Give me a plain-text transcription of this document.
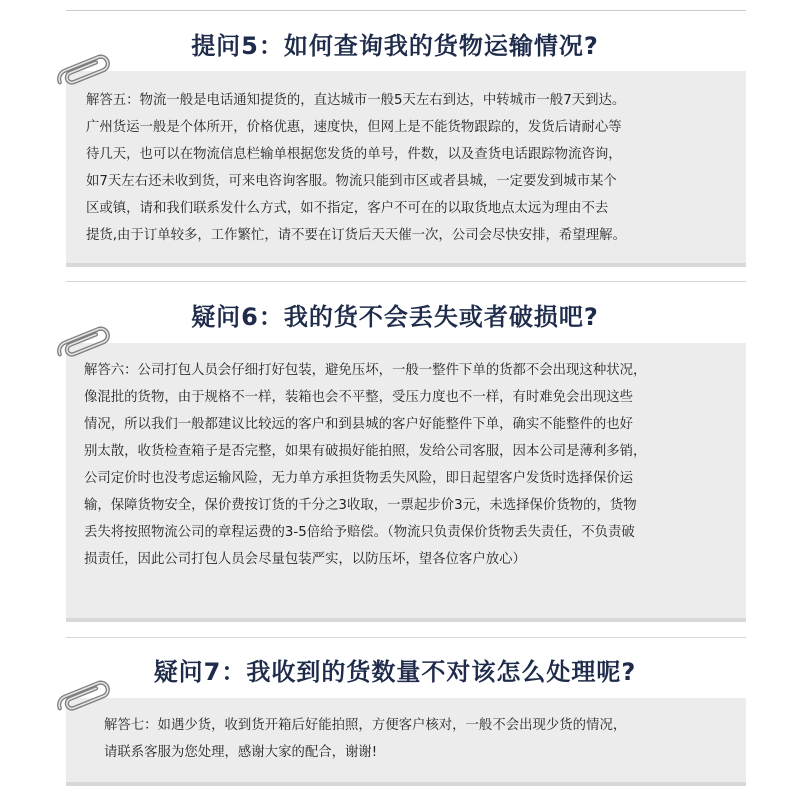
提问5：如何查询我的货物运输情况?
解答五：物流一般是电话通知提货的，直达城市一般5天左右到达，中转城市一般7天到达。
广州货运一般是个体所开，价格优惠，速度快，但网上是不能货物跟踪的，发货后请耐心等
待几天，也可以在物流信息栏输单根据您发货的单号，件数，以及查货电话跟踪物流咨询，
如7天左右还未收到货，可来电咨询客服。物流只能到市区或者县城，一定要发到城市某个
区或镇，请和我们联系发什么方式，如不指定，客户不可在的以取货地点太远为理由不去
提货,由于订单较多，工作繁忙，请不要在订货后天天催一次，公司会尽快安排，希望理解。
疑问6：我的货不会丢失或者破损吧?
解答六：公司打包人员会仔细打好包装，避免压坏，一般一整件下单的货都不会出现这种状况，
像混批的货物，由于规格不一样，装箱也会不平整，受压力度也不一样，有时难免会出现这些
情况，所以我们一般都建议比较远的客户和到县城的客户好能整件下单，确实不能整件的也好
别太散，收货检查箱子是否完整，如果有破损好能拍照，发给公司客服，因本公司是薄利多销，
公司定价时也没考虑运输风险，无力单方承担货物丢失风险，即日起望客户发货时选择保价运
输，保障货物安全，保价费按订货的千分之3收取，一票起步价3元，未选择保价货物的，货物
丢失将按照物流公司的章程运费的3-5倍给予赔偿。（物流只负责保价货物丢失责任，不负责破
损责任，因此公司打包人员会尽量包装严实，以防压坏，望各位客户放心）
疑问7：我收到的货数量不对该怎么处理呢?
解答七：如遇少货，收到货开箱后好能拍照，方便客户核对，一般不会出现少货的情况，
请联系客服为您处理，感谢大家的配合，谢谢!
